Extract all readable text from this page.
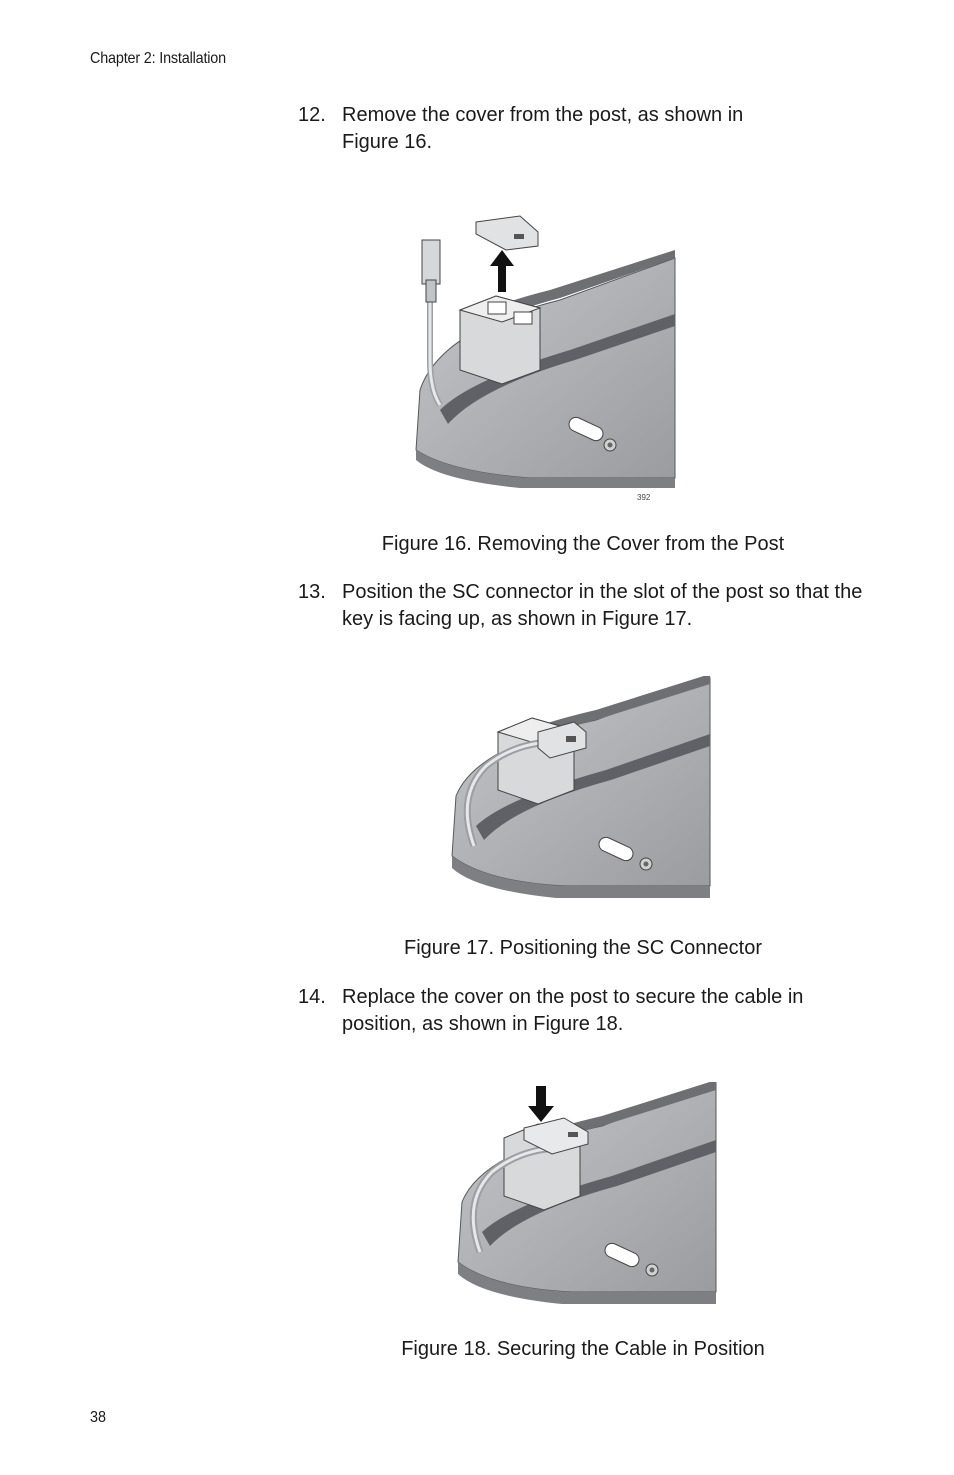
Chapter 2: Installation
12. Remove the cover from the post, as shown in Figure 16.
392
Figure 16. Removing the Cover from the Post
13. Position the SC connector in the slot of the post so that the key is facing up, as shown in Figure 17.
Figure 17. Positioning the SC Connector
14. Replace the cover on the post to secure the cable in position, as shown in Figure 18.
Figure 18. Securing the Cable in Position
38
